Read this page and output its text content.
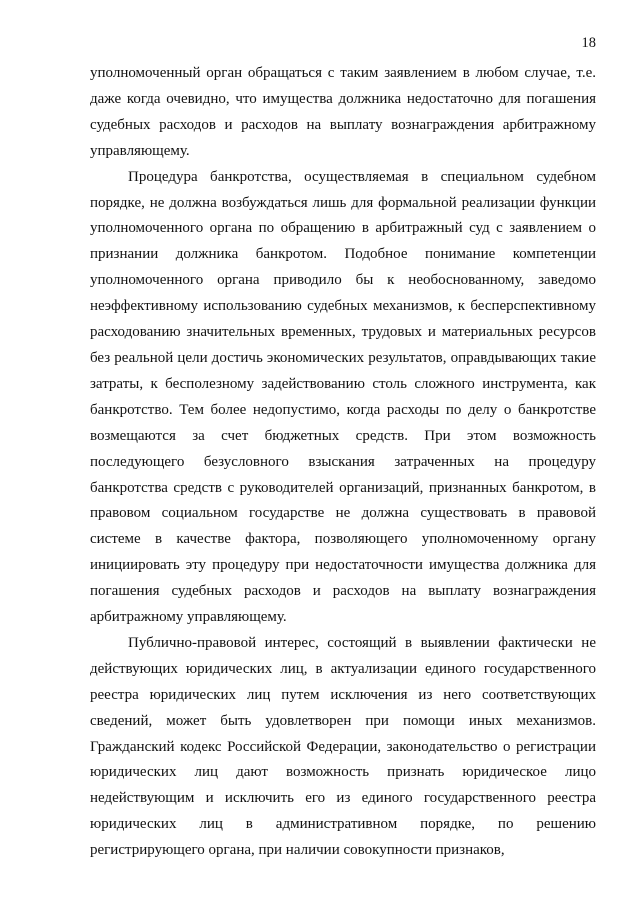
18

уполномоченный орган обращаться с таким заявлением в любом случае, т.е. даже когда очевидно, что имущества должника недостаточно для погашения судебных расходов и расходов на выплату вознаграждения арбитражному управляющему.

Процедура банкротства, осуществляемая в специальном судебном порядке, не должна возбуждаться лишь для формальной реализации функции уполномоченного органа по обращению в арбитражный суд с заявлением о признании должника банкротом. Подобное понимание компетенции уполномоченного органа приводило бы к необоснованному, заведомо неэффективному использованию судебных механизмов, к бесперспективному расходованию значительных временных, трудовых и материальных ресурсов без реальной цели достичь экономических результатов, оправдывающих такие затраты, к бесполезному задействованию столь сложного инструмента, как банкротство. Тем более недопустимо, когда расходы по делу о банкротстве возмещаются за счет бюджетных средств. При этом возможность последующего безусловного взыскания затраченных на процедуру банкротства средств с руководителей организаций, признанных банкротом, в правовом социальном государстве не должна существовать в правовой системе в качестве фактора, позволяющего уполномоченному органу инициировать эту процедуру при недостаточности имущества должника для погашения судебных расходов и расходов на выплату вознаграждения арбитражному управляющему.

Публично-правовой интерес, состоящий в выявлении фактически не действующих юридических лиц, в актуализации единого государственного реестра юридических лиц путем исключения из него соответствующих сведений, может быть удовлетворен при помощи иных механизмов. Гражданский кодекс Российской Федерации, законодательство о регистрации юридических лиц дают возможность признать юридическое лицо недействующим и исключить его из единого государственного реестра юридических лиц в административном порядке, по решению регистрирующего органа, при наличии совокупности признаков,
